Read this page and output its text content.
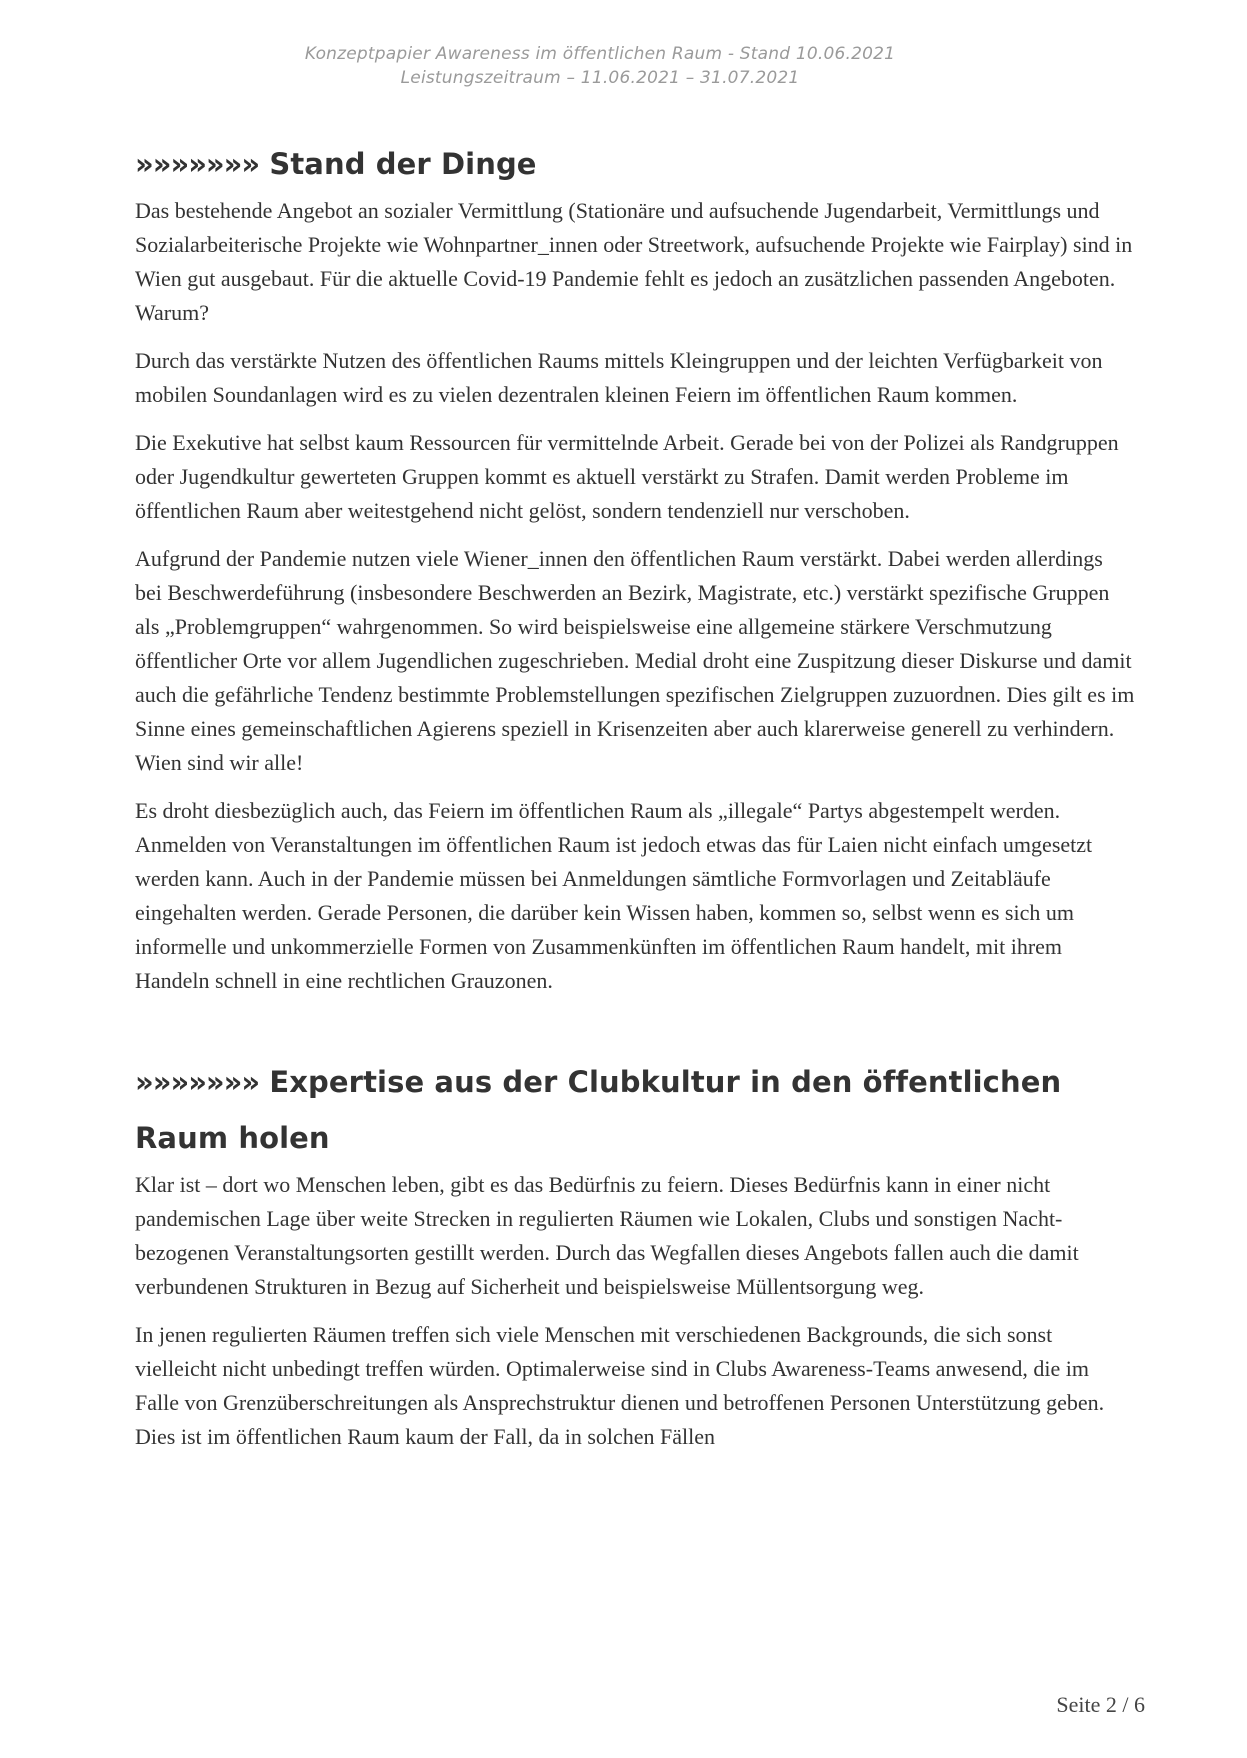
Konzeptpapier Awareness im öffentlichen Raum - Stand 10.06.2021
Leistungszeitraum – 11.06.2021 – 31.07.2021
»»»»»»» Stand der Dinge

Das bestehende Angebot an sozialer Vermittlung (Stationäre und aufsuchende Jugendarbeit, Vermittlungs und Sozialarbeiterische Projekte wie Wohnpartner_innen oder Streetwork, aufsuchende Projekte wie Fairplay) sind in Wien gut ausgebaut. Für die aktuelle Covid-19 Pandemie fehlt es jedoch an zusätzlichen passenden Angeboten. Warum?

Durch das verstärkte Nutzen des öffentlichen Raums mittels Kleingruppen und der leichten Verfügbarkeit von mobilen Soundanlagen wird es zu vielen dezentralen kleinen Feiern im öffentlichen Raum kommen.

Die Exekutive hat selbst kaum Ressourcen für vermittelnde Arbeit. Gerade bei von der Polizei als Randgruppen oder Jugendkultur gewerteten Gruppen kommt es aktuell verstärkt zu Strafen. Damit werden Probleme im öffentlichen Raum aber weitestgehend nicht gelöst, sondern tendenziell nur verschoben.

Aufgrund der Pandemie nutzen viele Wiener_innen den öffentlichen Raum verstärkt. Dabei werden allerdings bei Beschwerdeführung (insbesondere Beschwerden an Bezirk, Magistrate, etc.) verstärkt spezifische Gruppen als „Problemgruppen“ wahrgenommen. So wird beispielsweise eine allgemeine stärkere Verschmutzung öffentlicher Orte vor allem Jugendlichen zugeschrieben. Medial droht eine Zuspitzung dieser Diskurse und damit auch die gefährliche Tendenz bestimmte Problemstellungen spezifischen Zielgruppen zuzuordnen. Dies gilt es im Sinne eines gemeinschaftlichen Agierens speziell in Krisenzeiten aber auch klarerweise generell zu verhindern. Wien sind wir alle!

Es droht diesbezüglich auch, das Feiern im öffentlichen Raum als „illegale“ Partys abgestempelt werden. Anmelden von Veranstaltungen im öffentlichen Raum ist jedoch etwas das für Laien nicht einfach umgesetzt werden kann. Auch in der Pandemie müssen bei Anmeldungen sämtliche Formvorlagen und Zeitabläufe eingehalten werden. Gerade Personen, die darüber kein Wissen haben, kommen so, selbst wenn es sich um informelle und unkommerzielle Formen von Zusammenkünften im öffentlichen Raum handelt, mit ihrem Handeln schnell in eine rechtlichen Grauzonen.

»»»»»»» Expertise aus der Clubkultur in den öffentlichen Raum holen

Klar ist – dort wo Menschen leben, gibt es das Bedürfnis zu feiern. Dieses Bedürfnis kann in einer nicht pandemischen Lage über weite Strecken in regulierten Räumen wie Lokalen, Clubs und sonstigen Nacht-bezogenen Veranstaltungsorten gestillt werden. Durch das Wegfallen dieses Angebots fallen auch die damit verbundenen Strukturen in Bezug auf Sicherheit und beispielsweise Müllentsorgung weg.

In jenen regulierten Räumen treffen sich viele Menschen mit verschiedenen Backgrounds, die sich sonst vielleicht nicht unbedingt treffen würden. Optimalerweise sind in Clubs Awareness-Teams anwesend, die im Falle von Grenzüberschreitungen als Ansprechstruktur dienen und betroffenen Personen Unterstützung geben. Dies ist im öffentlichen Raum kaum der Fall, da in solchen Fällen

Seite 2 / 6
